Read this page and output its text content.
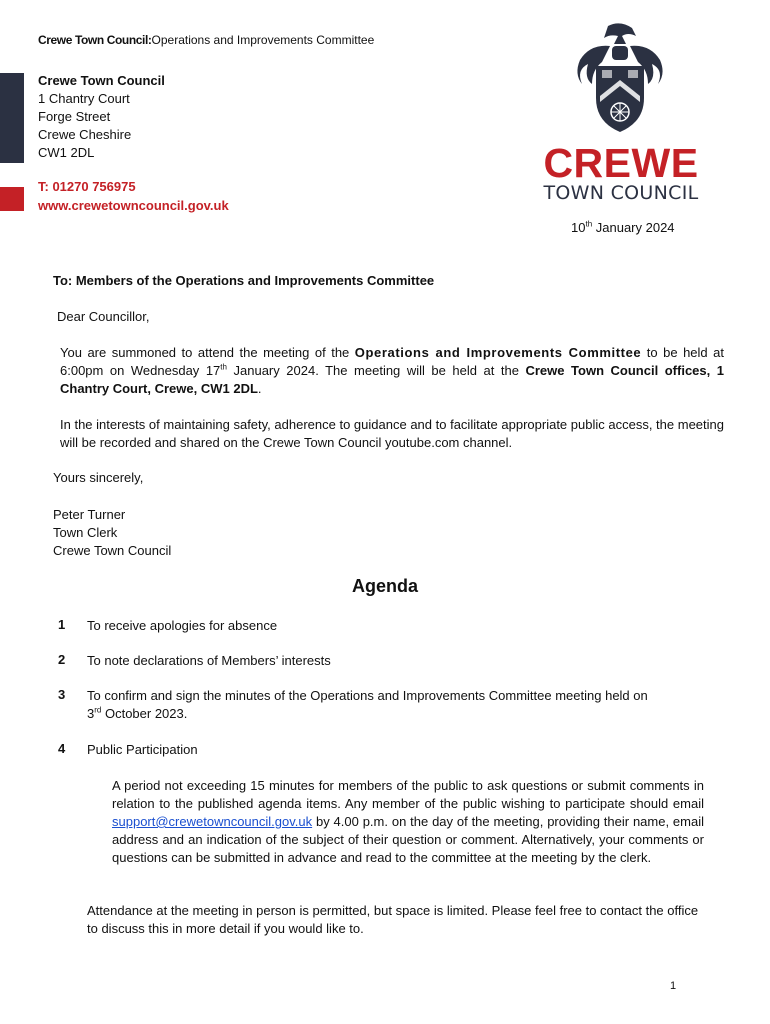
Crewe Town Council:Operations and Improvements Committee
Crewe Town Council
1 Chantry Court
Forge Street
Crewe Cheshire
CW1 2DL
T: 01270 756975
www.crewetowncouncil.gov.uk
CREWE
TOWN COUNCIL
10th January 2024
To: Members of the Operations and Improvements Committee
Dear Councillor,
You are summoned to attend the meeting of the Operations and Improvements Committee to be held at 6:00pm on Wednesday 17th January 2024. The meeting will be held at the Crewe Town Council offices, 1 Chantry Court, Crewe, CW1 2DL.
In the interests of maintaining safety, adherence to guidance and to facilitate appropriate public access, the meeting will be recorded and shared on the Crewe Town Council youtube.com channel.
Yours sincerely,
Peter Turner
Town Clerk
Crewe Town Council
Agenda
1 To receive apologies for absence
2 To note declarations of Members’ interests
3 To confirm and sign the minutes of the Operations and Improvements Committee meeting held on
3rd October 2023.
4 Public Participation
A period not exceeding 15 minutes for members of the public to ask questions or submit comments in relation to the published agenda items. Any member of the public wishing to participate should email support@crewetowncouncil.gov.uk by 4.00 p.m. on the day of the meeting, providing their name, email address and an indication of the subject of their question or comment. Alternatively, your comments or questions can be submitted in advance and read to the committee at the meeting by the clerk.
Attendance at the meeting in person is permitted, but space is limited. Please feel free to contact the office to discuss this in more detail if you would like to.
1
